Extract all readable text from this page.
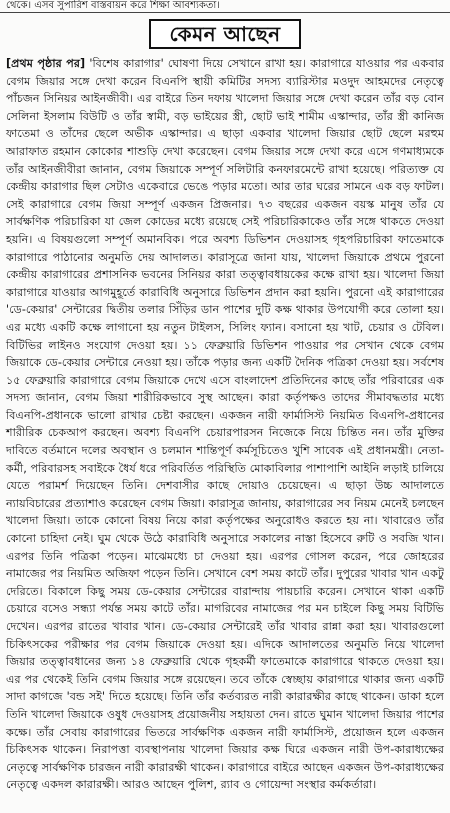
থেকে। এসব সুপারিশ বাস্তবায়ন করে শিক্ষা আবশ্যকতা।
কেমন আছেন

[প্রথম পৃষ্ঠার পর] 'বিশেষ কারাগার' ঘোষণা দিয়ে সেখানে রাখা হয়। কারাগারে যাওয়ার পর একবার বেগম জিয়ার সঙ্গে দেখা করেন বিএনপি স্থায়ী কমিটির সদস্য ব্যারিস্টার মওদুদ আহমদের নেতৃত্বে পাঁচজন সিনিয়র আইনজীবী। এর বাইরে তিন দফায় খালেদা জিয়ার সঙ্গে দেখা করেন তাঁর বড় বোন সেলিনা ইসলাম বিউটি ও তাঁর স্বামী, বড় ভাইয়ের স্ত্রী, ছোট ভাই শামীম এস্কান্দার, তাঁর স্ত্রী কানিজ ফাতেমা ও তাঁদের ছেলে অভীক এস্কান্দার। এ ছাড়া একবার খালেদা জিয়ার ছোট ছেলে মরহুম আরাফাত রহমান কোকোর শাশুড়ি দেখা করেছেন। বেগম জিয়ার সঙ্গে দেখা করে এসে গণমাধ্যমকে তাঁর আইনজীবীরা জানান, বেগম জিয়াকে সম্পূর্ণ সলিটারি কনফারমেন্টে রাখা হয়েছে। পরিত্যক্ত যে কেন্দ্রীয় কারাগার ছিল সেটাও একেবারে ভেঙে পড়ার মতো। আর তার ঘরের সামনে এক বড় ফাটল। সেই কারাগারে বেগম জিয়া সম্পূর্ণ একজন প্রিজনার। ৭৩ বছরের একজন বয়স্ক মানুষ তাঁর যে সার্বক্ষণিক পরিচারিকা যা জেল কোডের মধ্যে রয়েছে সেই পরিচারিকাকেও তাঁর সঙ্গে থাকতে দেওয়া হয়নি। এ বিষয়গুলো সম্পূর্ণ অমানবিক। পরে অবশ্য ডিভিশন দেওয়াসহ গৃহপরিচারিকা ফাতেমাকে কারাগারে পাঠানোর অনুমতি দেয় আদালত। কারাসূত্রে জানা যায়, খালেদা জিয়াকে প্রথমে পুরনো কেন্দ্রীয় কারাগারের প্রশাসনিক ভবনের সিনিয়র কারা তত্ত্বাবধায়কের কক্ষে রাখা হয়। খালেদা জিয়া কারাগারে যাওয়ার আগমুহূর্তে কারাবিধি অনুসারে ডিভিশন প্রদান করা হয়নি। পুরনো এই কারাগারের 'ডে-কেয়ার' সেন্টারের দ্বিতীয় তলার সিঁড়ির ডান পাশের দুটি কক্ষ থাকার উপযোগী করে তোলা হয়। এর মধ্যে একটি কক্ষে লাগানো হয় নতুন টাইলস, সিলিং ফ্যান। বসানো হয় খাট, চেয়ার ও টেবিল। বিটিভির লাইনও সংযোগ দেওয়া হয়। ১১ ফেব্রুয়ারি ডিভিশন পাওয়ার পর সেখান থেকে বেগম জিয়াকে ডে-কেয়ার সেন্টারে নেওয়া হয়। তাঁকে পড়ার জন্য একটি দৈনিক পত্রিকা দেওয়া হয়। সর্বশেষ ১৫ ফেব্রুয়ারি কারাগারে বেগম জিয়াকে দেখে এসে বাংলাদেশ প্রতিদিনের কাছে তাঁর পরিবারের এক সদস্য জানান, বেগম জিয়া শারীরিকভাবে সুস্থ আছেন। কারা কর্তৃপক্ষও তাদের সীমাবদ্ধতার মধ্যে বিএনপি-প্রধানকে ভালো রাখার চেষ্টা করছেন। একজন নারী ফার্মাসিস্ট নিয়মিত বিএনপি-প্রধানের শারীরিক চেকআপ করছেন। অবশ্য বিএনপি চেয়ারপারসন নিজেকে নিয়ে চিন্তিত নন। তাঁর মুক্তির দাবিতে বর্তমানে দলের অবস্থান ও চলমান শান্তিপূর্ণ কর্মসূচিতেও খুশি সাবেক এই প্রধানমন্ত্রী। নেতা-কর্মী, পরিবারসহ সবাইকে ধৈর্য ধরে পরিবর্তিত পরিস্থিতি মোকাবিলার পাশাপাশি আইনি লড়াই চালিয়ে যেতে পরামর্শ দিয়েছেন তিনি। দেশবাসীর কাছে দোয়াও চেয়েছেন। এ ছাড়া উচ্চ আদালতে ন্যায়বিচারের প্রত্যাশাও করেছেন বেগম জিয়া। কারাসূত্র জানায়, কারাগারের সব নিয়ম মেনেই চলছেন খালেদা জিয়া। তাকে কোনো বিষয় নিয়ে কারা কর্তৃপক্ষের অনুরোধও করতে হয় না। খাবারেও তাঁর কোনো চাহিদা নেই। ঘুম থেকে উঠে কারাবিধি অনুসারে সকালের নাস্তা হিসেবে রুটি ও সবজি খান। এরপর তিনি পত্রিকা পড়েন। মাঝেমধ্যে চা দেওয়া হয়। এরপর গোসল করেন, পরে জোহরের নামাজের পর নিয়মিত অজিফা পড়েন তিনি। সেখানে বেশ সময় কাটে তাঁর। দুপুরের খাবার খান একটু দেরিতে। বিকালে কিছু সময় ডে-কেয়ার সেন্টারের বারান্দায় পায়চারি করেন। সেখানে থাকা একটি চেয়ারে বসেও সন্ধ্যা পর্যন্ত সময় কাটে তাঁর। মাগরিবের নামাজের পর মন চাইলে কিছু সময় বিটিভি দেখেন। এরপর রাতের খাবার খান। ডে-কেয়ার সেন্টারেই তাঁর খাবার রান্না করা হয়। খাবারগুলো চিকিৎসকের পরীক্ষার পর বেগম জিয়াকে দেওয়া হয়। এদিকে আদালতের অনুমতি নিয়ে খালেদা জিয়ার তত্ত্বাবধানের জন্য ১৪ ফেব্রুয়ারি থেকে গৃহকর্মী ফাতেমাকে কারাগারে থাকতে দেওয়া হয়। এর পর থেকেই তিনি বেগম জিয়ার সঙ্গে রয়েছেন। তবে তাঁকে স্বেচ্ছায় কারাগারে থাকার জন্য একটি সাদা কাগজে 'বন্ড সই' দিতে হয়েছে। তিনি তাঁর কর্তব্যরত নারী কারারক্ষীর কাছে থাকেন। ডাকা হলে তিনি খালেদা জিয়াকে ওষুধ দেওয়াসহ প্রয়োজনীয় সহায়তা দেন। রাতে ঘুমান খালেদা জিয়ার পাশের কক্ষে। তাঁর সেবায় কারাগারের ভিতরে সার্বক্ষণিক একজন নারী ফার্মাসিস্ট, প্রয়োজন হলে একজন চিকিৎসক থাকেন। নিরাপত্তা ব্যবস্থাপনায় খালেদা জিয়ার কক্ষ ঘিরে একজন নারী উপ-কারাধ্যক্ষের নেতৃত্বে সার্বক্ষণিক চারজন নারী কারারক্ষী থাকেন। কারাগারে বাইরে আছেন একজন উপ-কারাধ্যক্ষের নেতৃত্বে একদল কারারক্ষী। আরও আছেন পুলিশ, র‌্যাব ও গোয়েন্দা সংস্থার কর্মকর্তারা।
